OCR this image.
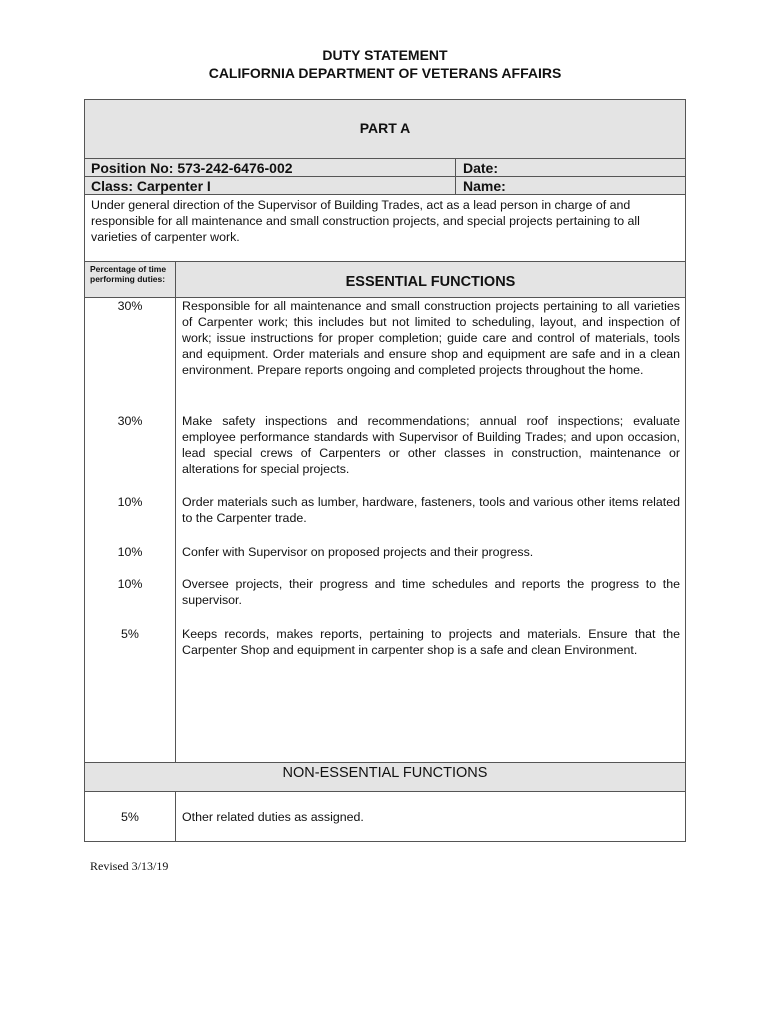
DUTY STATEMENT
CALIFORNIA DEPARTMENT OF VETERANS AFFAIRS
PART A
Position No: 573-242-6476-002	Date:
Class: Carpenter I	Name:

Under general direction of the Supervisor of Building Trades, act as a lead person in charge of and responsible for all maintenance and small construction projects, and special projects pertaining to all varieties of carpenter work.

Percentage of time performing duties:	ESSENTIAL FUNCTIONS
30%	Responsible for all maintenance and small construction projects pertaining to all varieties of Carpenter work; this includes but not limited to scheduling, layout, and inspection of work; issue instructions for proper completion; guide care and control of materials, tools and equipment. Order materials and ensure shop and equipment are safe and in a clean environment. Prepare reports ongoing and completed projects throughout the home.
30%	Make safety inspections and recommendations; annual roof inspections; evaluate employee performance standards with Supervisor of Building Trades; and upon occasion, lead special crews of Carpenters or other classes in construction, maintenance or alterations for special projects.
10%	Order materials such as lumber, hardware, fasteners, tools and various other items related to the Carpenter trade.
10%	Confer with Supervisor on proposed projects and their progress.
10%	Oversee projects, their progress and time schedules and reports the progress to the supervisor.
5%	Keeps records, makes reports, pertaining to projects and materials. Ensure that the Carpenter Shop and equipment in carpenter shop is a safe and clean Environment.
NON-ESSENTIAL FUNCTIONS
5%	Other related duties as assigned.
Revised 3/13/19
